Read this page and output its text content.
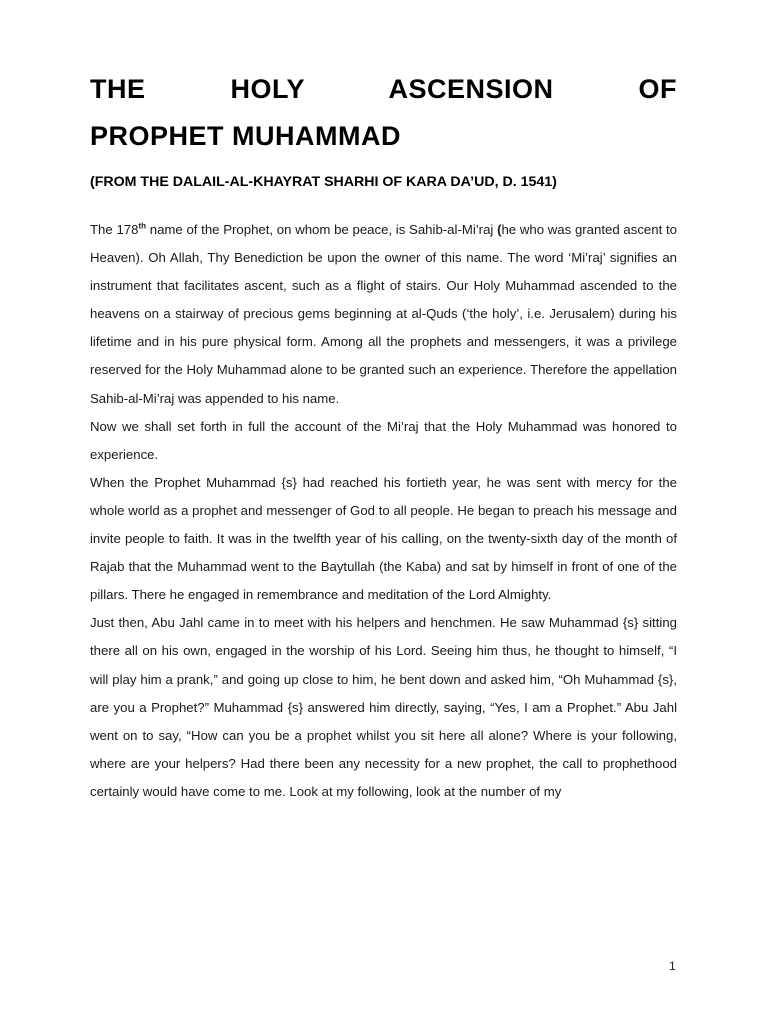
THE	HOLY	ASCENSION	OF
PROPHET MUHAMMAD
(FROM THE DALAIL-AL-KHAYRAT SHARHI OF KARA DA’UD, D. 1541)

The 178th name of the Prophet, on whom be peace, is Sahib-al-Mi’raj (he who was granted ascent to Heaven). Oh Allah, Thy Benediction be upon the owner of this name. The word ‘Mi’raj’ signifies an instrument that facilitates ascent, such as a flight of stairs. Our Holy Muhammad ascended to the heavens on a stairway of precious gems beginning at al-Quds (‘the holy’, i.e. Jerusalem) during his lifetime and in his pure physical form. Among all the prophets and messengers, it was a privilege reserved for the Holy Muhammad alone to be granted such an experience. Therefore the appellation Sahib-al-Mi’raj was appended to his name.

Now we shall set forth in full the account of the Mi’raj that the Holy Muhammad was honored to experience.

When the Prophet Muhammad {s} had reached his fortieth year, he was sent with mercy for the whole world as a prophet and messenger of God to all people. He began to preach his message and invite people to faith. It was in the twelfth year of his calling, on the twenty-sixth day of the month of Rajab that the Muhammad went to the Baytullah (the Kaba) and sat by himself in front of one of the pillars. There he engaged in remembrance and meditation of the Lord Almighty.

Just then, Abu Jahl came in to meet with his helpers and henchmen. He saw Muhammad {s} sitting there all on his own, engaged in the worship of his Lord. Seeing him thus, he thought to himself, “I will play him a prank,” and going up close to him, he bent down and asked him, “Oh Muhammad {s}, are you a Prophet?” Muhammad {s} answered him directly, saying, “Yes, I am a Prophet.” Abu Jahl went on to say, “How can you be a prophet whilst you sit here all alone? Where is your following, where are your helpers? Had there been any necessity for a new prophet, the call to prophethood certainly would have come to me. Look at my following, look at the number of my

1
